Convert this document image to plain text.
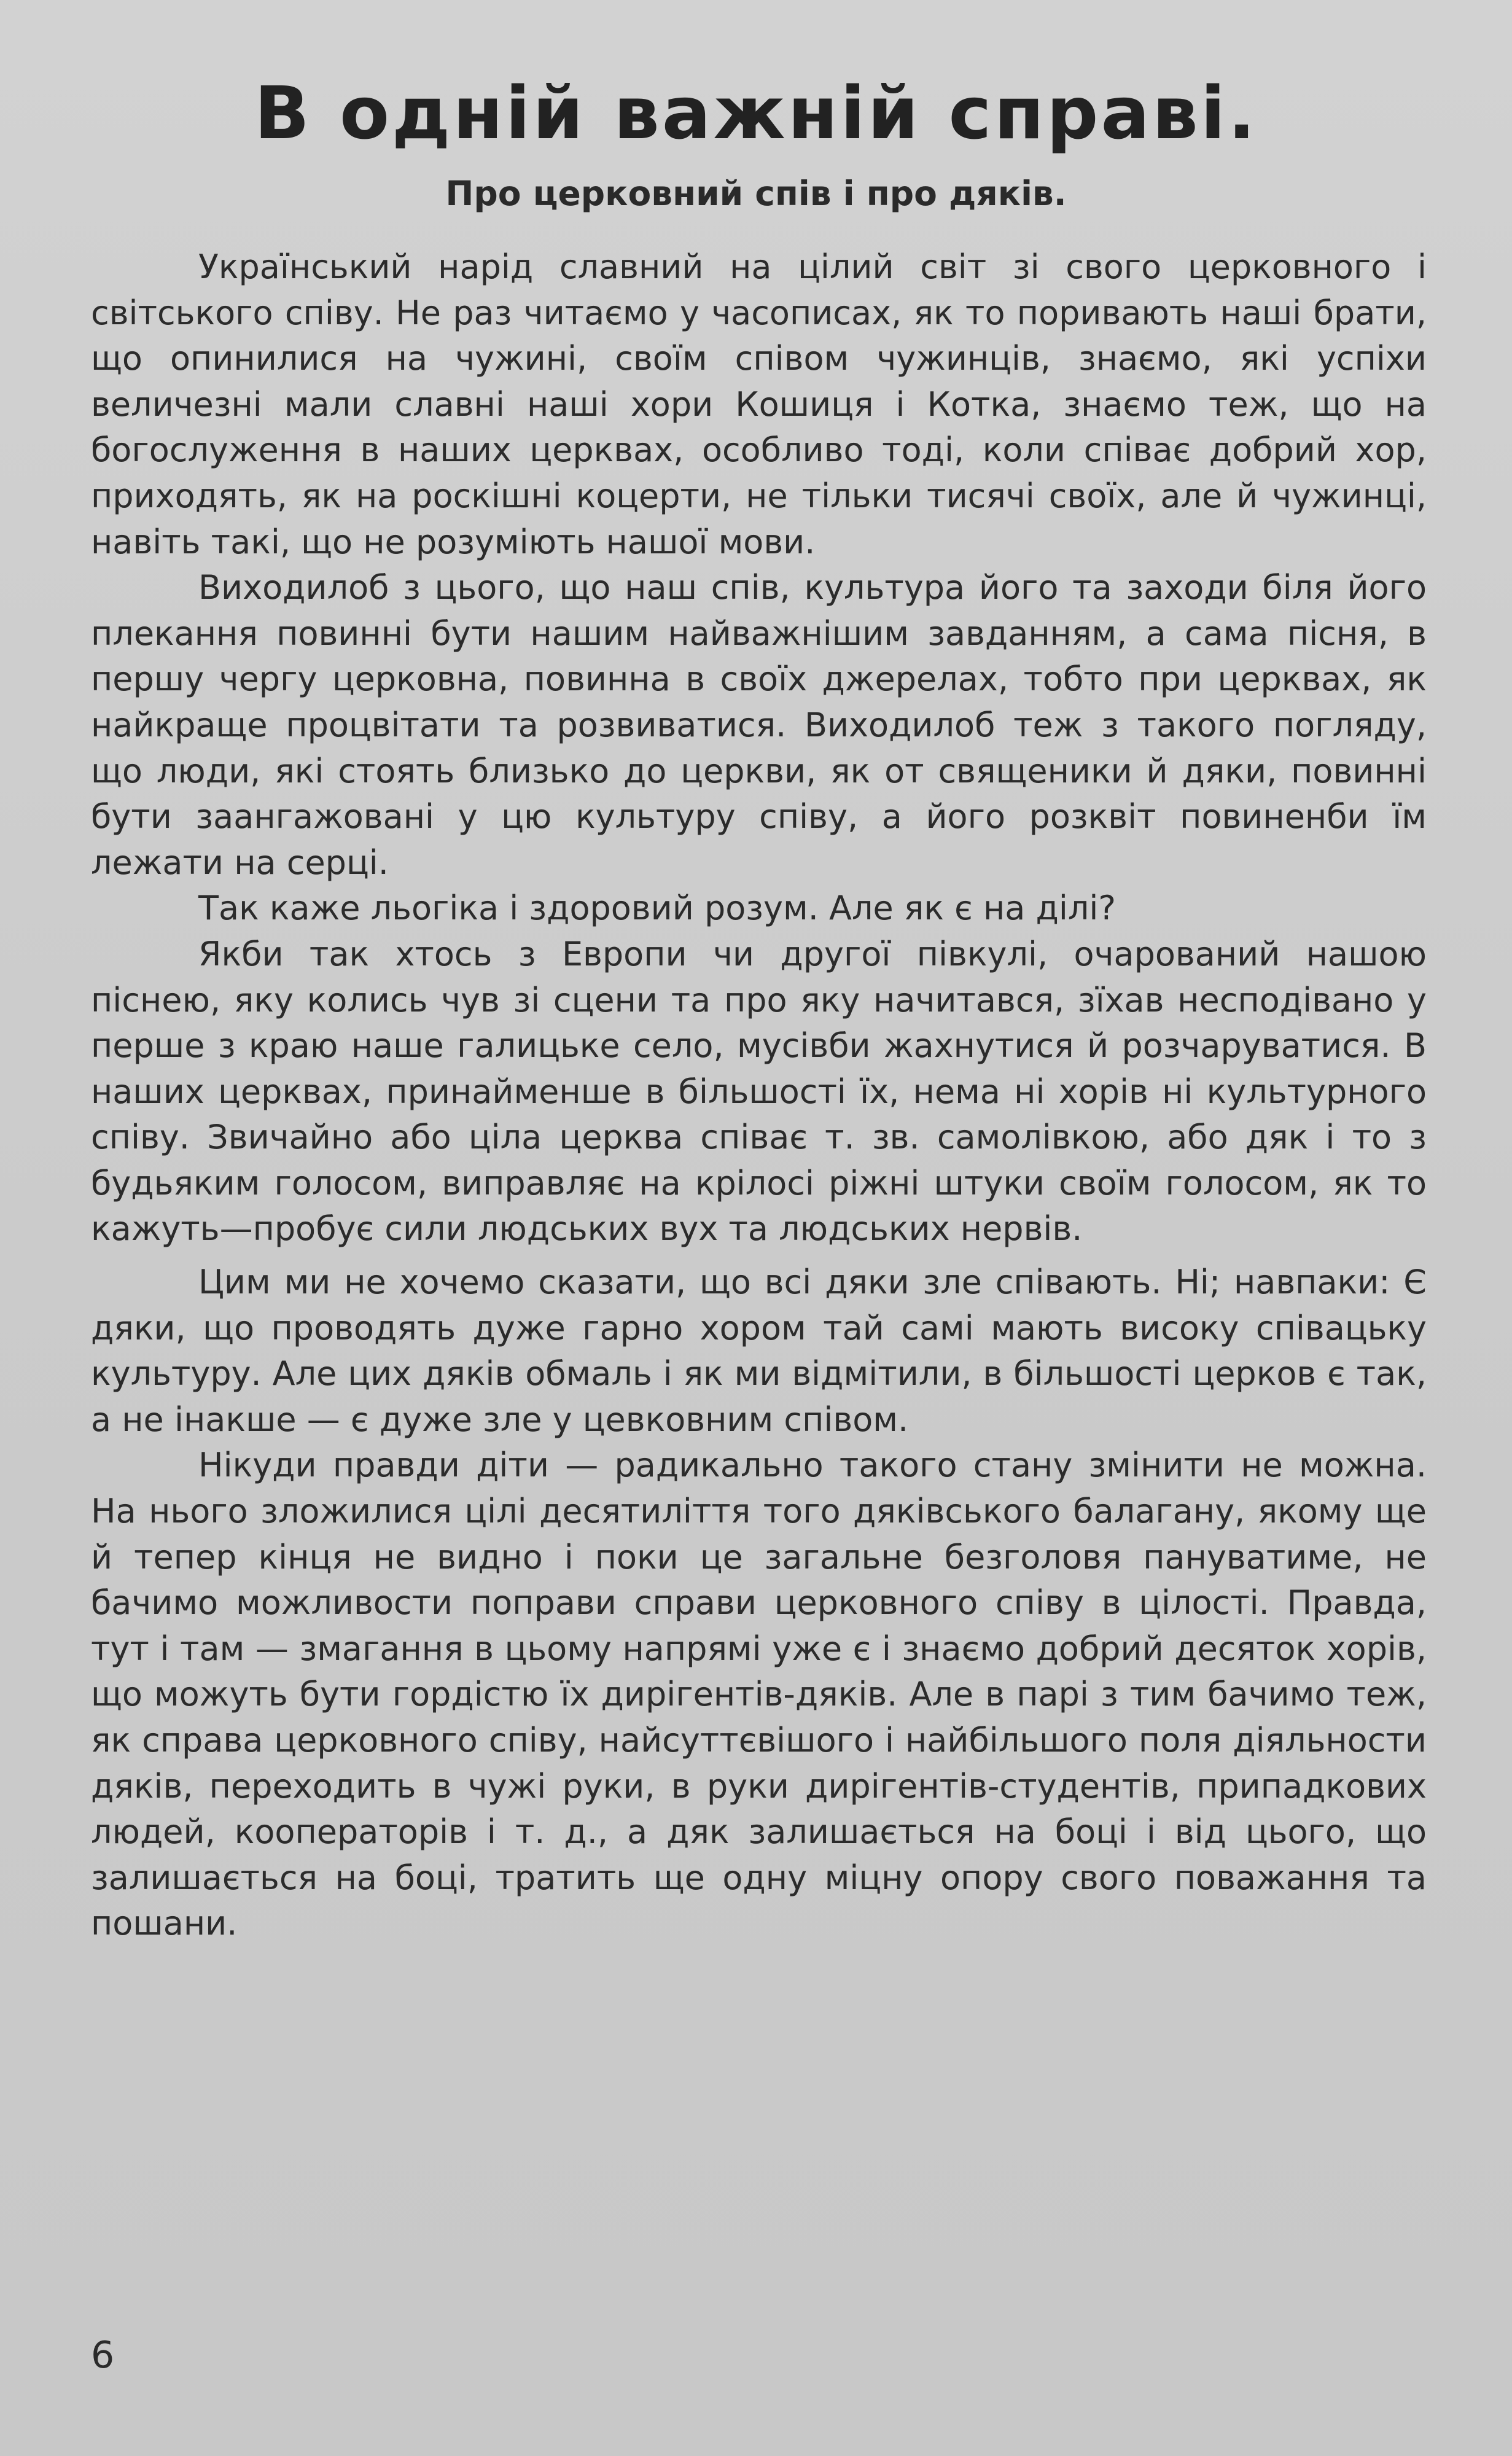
В одній важній справі.
Про церковний спів і про дяків.

Український нарід славний на цілий світ зі свого церковного і світського співу. Не раз читаємо у часописах, як то поривають наші брати, що опинилися на чужині, своїм співом чужинців, знаємо, які успіхи величезні мали славні наші хори Кошиця і Котка, знаємо теж, що на богослуження в наших церквах, особливо тоді, коли співає добрий хор, приходять, як на роскішні коцерти, не тільки тисячі своїх, але й чужинці, навіть такі, що не розуміють нашої мови.

Виходилоб з цього, що наш спів, культура його та заходи біля його плекання повинні бути нашим найважнішим завданням, а сама пісня, в першу чергу церковна, повинна в своїх джерелах, тобто при церквах, як найкраще процвітати та розвиватися. Виходилоб теж з такого погляду, що люди, які стоять близько до церкви, як от священики й дяки, повинні бути заангажовані у цю культуру співу, а його розквіт повиненби їм лежати на серці.

Так каже льогіка і здоровий розум. Але як є на ділі?

Якби так хтось з Европи чи другої півкулі, очарований нашою піснею, яку колись чув зі сцени та про яку начитався, зїхав несподівано у перше з краю наше галицьке село, мусівби жахнутися й розчаруватися. В наших церквах, принайменше в більшості їх, нема ні хорів ні культурного співу. Звичайно або ціла церква співає т. зв. самолівкою, або дяк і то з будьяким голосом, виправляє на крілосі ріжні штуки своїм голосом, як то кажуть—пробує сили людських вух та людських нервів.

Цим ми не хочемо сказати, що всі дяки зле співають. Ні; навпаки: Є дяки, що проводять дуже гарно хором тай самі мають високу співацьку культуру. Але цих дяків обмаль і як ми відмітили, в більшості церков є так, а не інакше — є дуже зле у цевковним співом.

Нікуди правди діти — радикально такого стану змінити не можна. На нього зложилися цілі десятиліття того дяківського балагану, якому ще й тепер кінця не видно і поки це загальне безголовя пануватиме, не бачимо можливости поправи справи церковного співу в цілості. Правда, тут і там — змагання в цьому напрямі уже є і знаємо добрий десяток хорів, що можуть бути гордістю їх дирігентів-дяків. Але в парі з тим бачимо теж, як справа церковного співу, найсуттєвішого і найбільшого поля діяльности дяків, переходить в чужі руки, в руки дирігентів-студентів, припадкових людей, кооператорів і т. д., а дяк залишається на боці і від цього, що залишається на боці, тратить ще одну міцну опору свого поважання та пошани.

6
